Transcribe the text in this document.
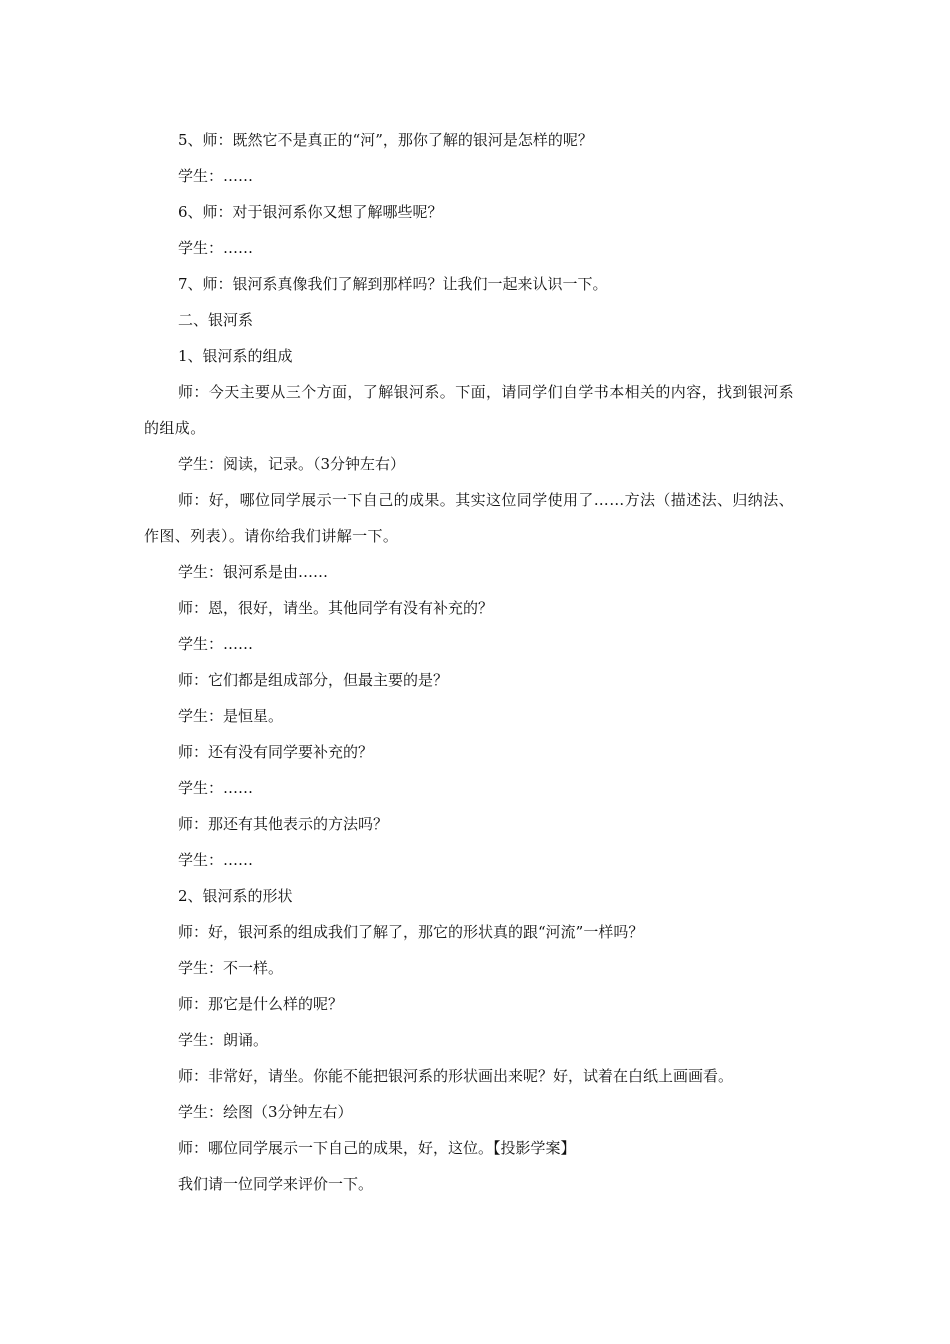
5、师：既然它不是真正的“河”，那你了解的银河是怎样的呢？

学生：……

6、师：对于银河系你又想了解哪些呢？

学生：……

7、师：银河系真像我们了解到那样吗？让我们一起来认识一下。

二、银河系

1、银河系的组成

师：今天主要从三个方面，了解银河系。下面，请同学们自学书本相关的内容，找到银河系的组成。

学生：阅读，记录。（3分钟左右）

师：好，哪位同学展示一下自己的成果。其实这位同学使用了……方法（描述法、归纳法、作图、列表）。请你给我们讲解一下。

学生：银河系是由……

师：恩，很好，请坐。其他同学有没有补充的？

学生：……

师：它们都是组成部分，但最主要的是？

学生：是恒星。

师：还有没有同学要补充的？

学生：……

师：那还有其他表示的方法吗？

学生：……

2、银河系的形状

师：好，银河系的组成我们了解了，那它的形状真的跟“河流”一样吗？

学生：不一样。

师：那它是什么样的呢？

学生：朗诵。

师：非常好，请坐。你能不能把银河系的形状画出来呢？好，试着在白纸上画画看。

学生：绘图（3分钟左右）

师：哪位同学展示一下自己的成果，好，这位。【投影学案】

我们请一位同学来评价一下。
